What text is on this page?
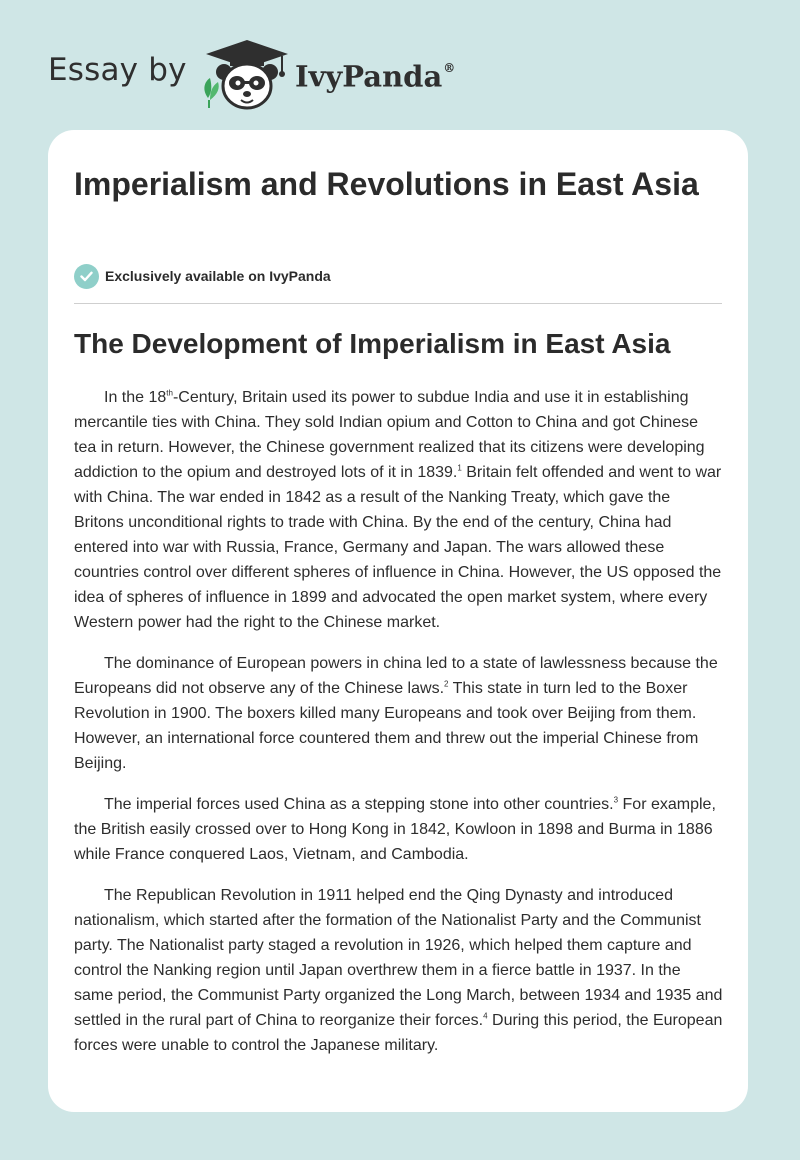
Essay by	IvyPanda®
Imperialism and Revolutions in East Asia
Exclusively available on IvyPanda
The Development of Imperialism in East Asia

In the 18th-Century, Britain used its power to subdue India and use it in establishing mercantile ties with China. They sold Indian opium and Cotton to China and got Chinese tea in return. However, the Chinese government realized that its citizens were developing addiction to the opium and destroyed lots of it in 1839.$^1$ Britain felt offended and went to war with China. The war ended in 1842 as a result of the Nanking Treaty, which gave the Britons unconditional rights to trade with China. By the end of the century, China had entered into war with Russia, France, Germany and Japan. The wars allowed these countries control over different spheres of influence in China. However, the US opposed the idea of spheres of influence in 1899 and advocated the open market system, where every Western power had the right to the Chinese market.

The dominance of European powers in china led to a state of lawlessness because the Europeans did not observe any of the Chinese laws.$^2$ This state in turn led to the Boxer Revolution in 1900. The boxers killed many Europeans and took over Beijing from them. However, an international force countered them and threw out the imperial Chinese from Beijing.

The imperial forces used China as a stepping stone into other countries.$^3$ For example, the British easily crossed over to Hong Kong in 1842, Kowloon in 1898 and Burma in 1886 while France conquered Laos, Vietnam, and Cambodia.

The Republican Revolution in 1911 helped end the Qing Dynasty and introduced nationalism, which started after the formation of the Nationalist Party and the Communist party. The Nationalist party staged a revolution in 1926, which helped them capture and control the Nanking region until Japan overthrew them in a fierce battle in 1937. In the same period, the Communist Party organized the Long March, between 1934 and 1935 and settled in the rural part of China to reorganize their forces.$^4$ During this period, the European forces were unable to control the Japanese military.
